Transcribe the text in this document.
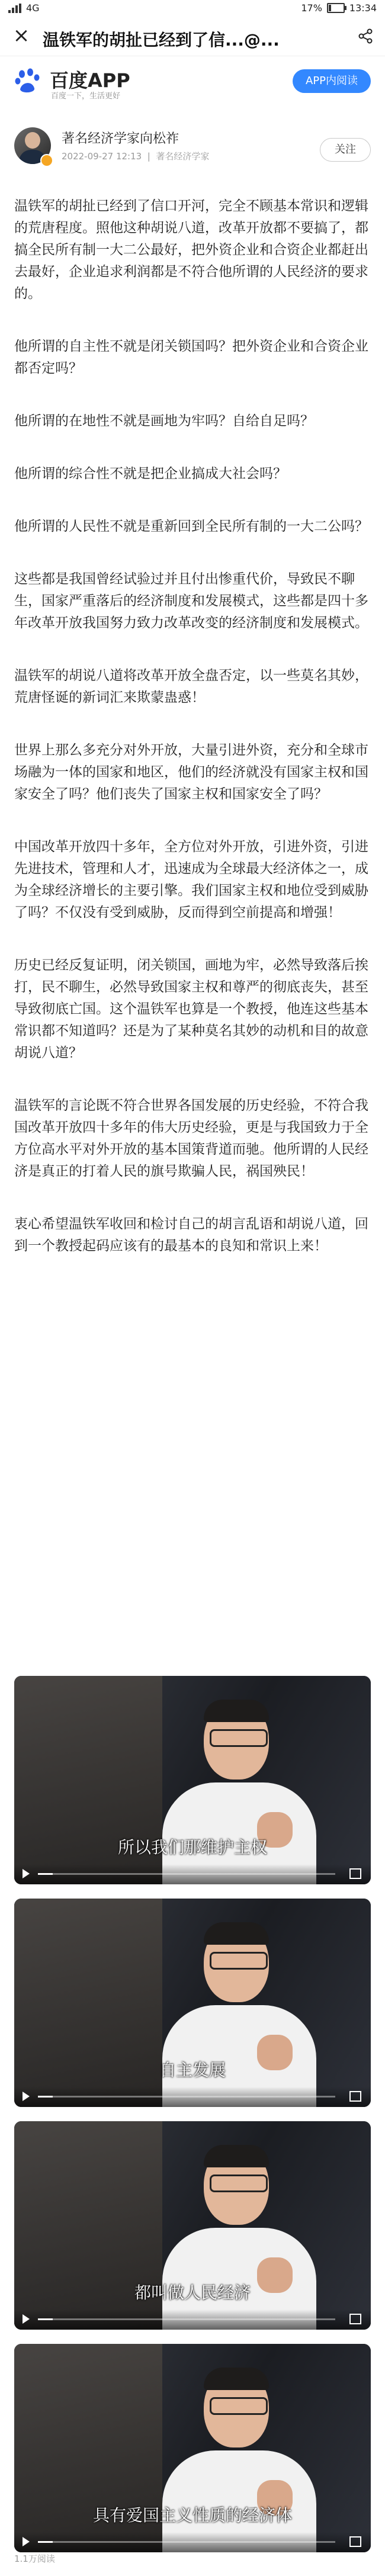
4G	17%	13:34
× 温铁军的胡扯已经到了信...@...
百度APP
百度一下，生活更好
APP内阅读
著名经济学家向松祚
2022-09-27 12:13  |  著名经济学家
关注

温铁军的胡扯已经到了信口开河，完全不顾基本常识和逻辑的荒唐程度。照他这种胡说八道，改革开放都不要搞了，都搞全民所有制一大二公最好，把外资企业和合资企业都赶出去最好，企业追求利润都是不符合他所谓的人民经济的要求的。

他所谓的自主性不就是闭关锁国吗？把外资企业和合资企业都否定吗？

他所谓的在地性不就是画地为牢吗？自给自足吗？

他所谓的综合性不就是把企业搞成大社会吗？

他所谓的人民性不就是重新回到全民所有制的一大二公吗？

这些都是我国曾经试验过并且付出惨重代价，导致民不聊生，国家严重落后的经济制度和发展模式，这些都是四十多年改革开放我国努力致力改革改变的经济制度和发展模式。

温铁军的胡说八道将改革开放全盘否定，以一些莫名其妙，荒唐怪诞的新词汇来欺蒙蛊惑！

世界上那么多充分对外开放，大量引进外资，充分和全球市场融为一体的国家和地区，他们的经济就没有国家主权和国家安全了吗？他们丧失了国家主权和国家安全了吗？

中国改革开放四十多年，全方位对外开放，引进外资，引进先进技术，管理和人才，迅速成为全球最大经济体之一，成为全球经济增长的主要引擎。我们国家主权和地位受到威胁了吗？不仅没有受到威胁，反而得到空前提高和增强！

历史已经反复证明，闭关锁国，画地为牢，必然导致落后挨打，民不聊生，必然导致国家主权和尊严的彻底丧失，甚至导致彻底亡国。这个温铁军也算是一个教授，他连这些基本常识都不知道吗？还是为了某种莫名其妙的动机和目的故意胡说八道？

温铁军的言论既不符合世界各国发展的历史经验，不符合我国改革开放四十多年的伟大历史经验，更是与我国致力于全方位高水平对外开放的基本国策背道而驰。他所谓的人民经济是真正的打着人民的旗号欺骗人民，祸国殃民！

衷心希望温铁军收回和检讨自己的胡言乱语和胡说八道，回到一个教授起码应该有的最基本的良知和常识上来！

所以我们那维护主权
自主发展
都叫做人民经济
具有爱国主义性质的经济体
1.1万阅读
